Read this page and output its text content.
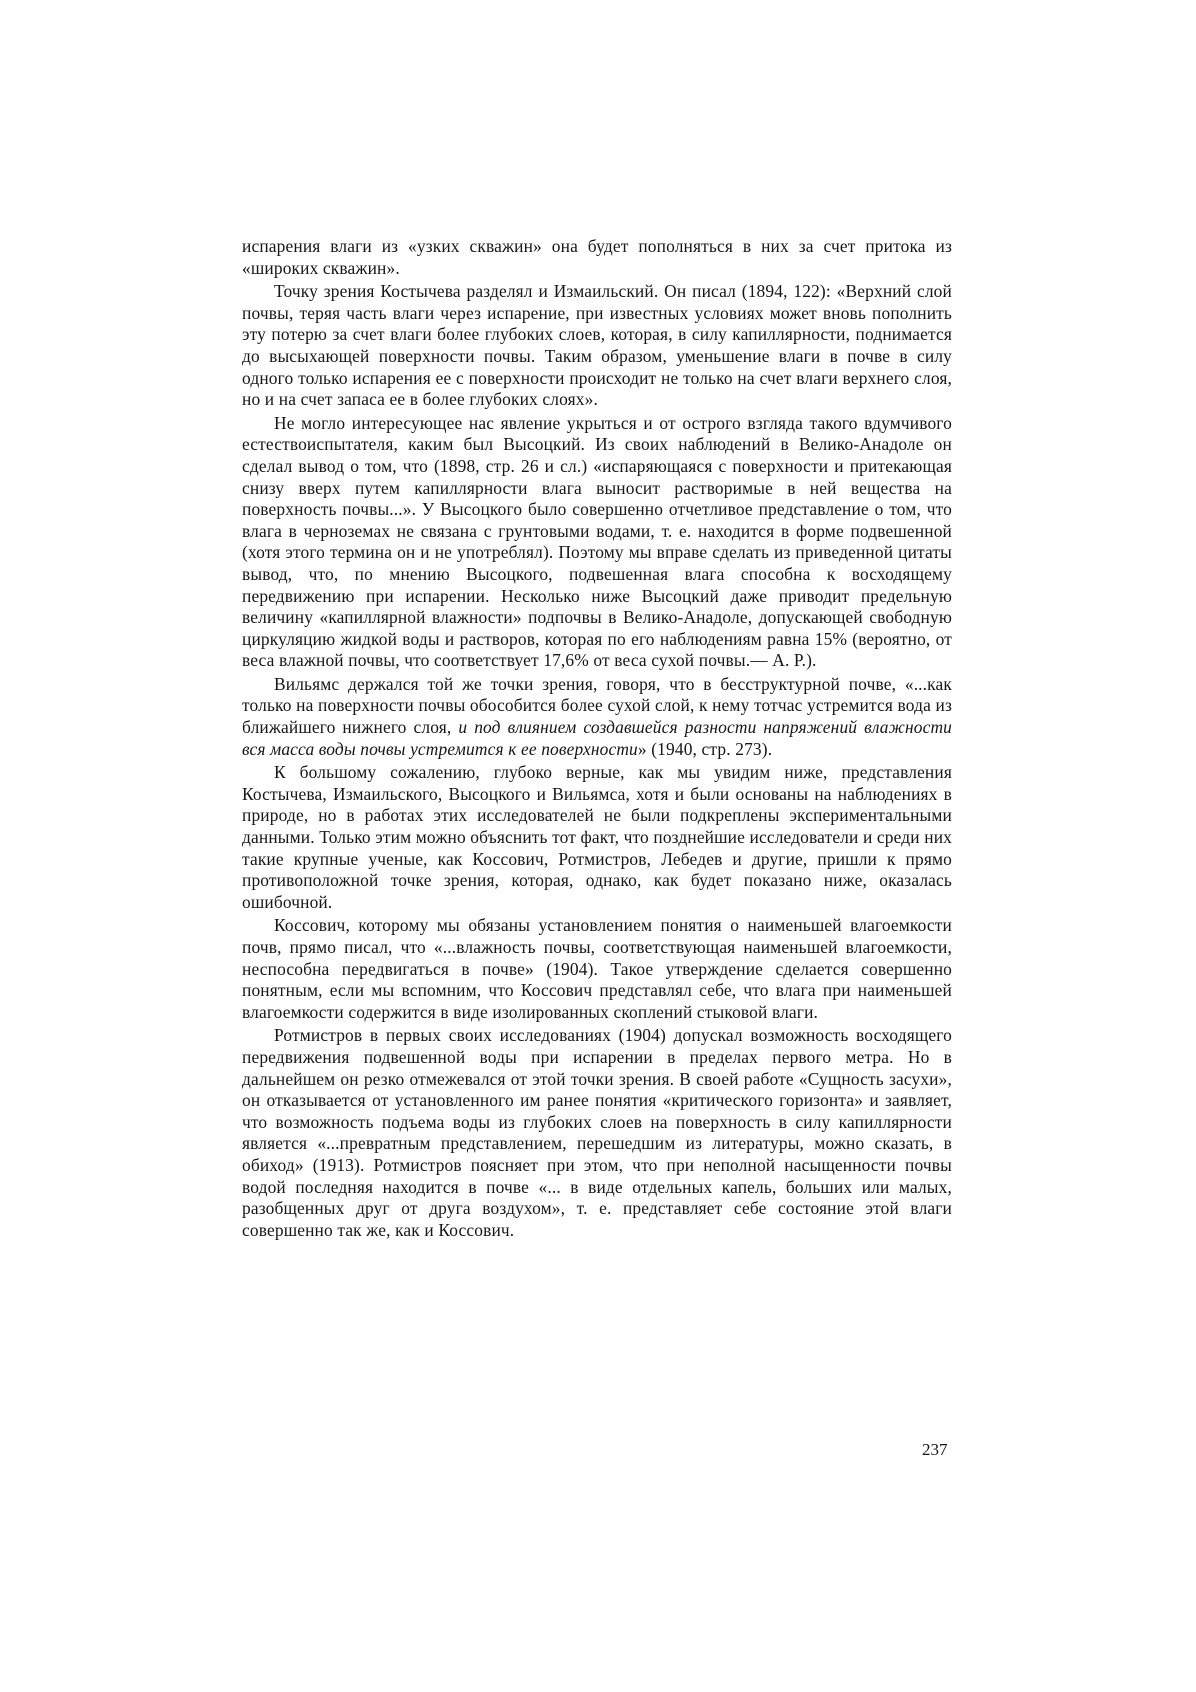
испарения влаги из «узких скважин» она будет пополняться в них за счет притока из «широких скважин».

Точку зрения Костычева разделял и Измаильский. Он писал (1894, 122): «Верхний слой почвы, теряя часть влаги через испарение, при известных условиях может вновь пополнить эту потерю за счет влаги более глубоких слоев, которая, в силу капиллярности, поднимается до высыхающей поверхности почвы. Таким образом, уменьшение влаги в почве в силу одного только испарения ее с поверхности происходит не только на счет влаги верхнего слоя, но и на счет запаса ее в более глубоких слоях».

Не могло интересующее нас явление укрыться и от острого взгляда такого вдумчивого естествоиспытателя, каким был Высоцкий. Из своих наблюдений в Велико-Анадоле он сделал вывод о том, что (1898, стр. 26 и сл.) «испаряющаяся с поверхности и притекающая снизу вверх путем капиллярности влага выносит растворимые в ней вещества на поверхность почвы...». У Высоцкого было совершенно отчетливое представление о том, что влага в черноземах не связана с грунтовыми водами, т. е. находится в форме подвешенной (хотя этого термина он и не употреблял). Поэтому мы вправе сделать из приведенной цитаты вывод, что, по мнению Высоцкого, подвешенная влага способна к восходящему передвижению при испарении. Несколько ниже Высоцкий даже приводит предельную величину «капиллярной влажности» подпочвы в Велико-Анадоле, допускающей свободную циркуляцию жидкой воды и растворов, которая по его наблюдениям равна 15% (вероятно, от веса влажной почвы, что соответствует 17,6% от веса сухой почвы.— А. Р.).

Вильямс держался той же точки зрения, говоря, что в бесструктурной почве, «...как только на поверхности почвы обособится более сухой слой, к нему тотчас устремится вода из ближайшего нижнего слоя, и под влиянием создавшейся разности напряжений влажности вся масса воды почвы устремится к ее поверхности» (1940, стр. 273).

К большому сожалению, глубоко верные, как мы увидим ниже, представления Костычева, Измаильского, Высоцкого и Вильямса, хотя и были основаны на наблюдениях в природе, но в работах этих исследователей не были подкреплены экспериментальными данными. Только этим можно объяснить тот факт, что позднейшие исследователи и среди них такие крупные ученые, как Коссович, Ротмистров, Лебедев и другие, пришли к прямо противоположной точке зрения, которая, однако, как будет показано ниже, оказалась ошибочной.

Коссович, которому мы обязаны установлением понятия о наименьшей влагоемкости почв, прямо писал, что «...влажность почвы, соответствующая наименьшей влагоемкости, неспособна передвигаться в почве» (1904). Такое утверждение сделается совершенно понятным, если мы вспомним, что Коссович представлял себе, что влага при наименьшей влагоемкости содержится в виде изолированных скоплений стыковой влаги.

Ротмистров в первых своих исследованиях (1904) допускал возможность восходящего передвижения подвешенной воды при испарении в пределах первого метра. Но в дальнейшем он резко отмежевался от этой точки зрения. В своей работе «Сущность засухи», он отказывается от установленного им ранее понятия «критического горизонта» и заявляет, что возможность подъема воды из глубоких слоев на поверхность в силу капиллярности является «...превратным представлением, перешедшим из литературы, можно сказать, в обиход» (1913). Ротмистров поясняет при этом, что при неполной насыщенности почвы водой последняя находится в почве «... в виде отдельных капель, больших или малых, разобщенных друг от друга воздухом», т. е. представляет себе состояние этой влаги совершенно так же, как и Коссович.

237
